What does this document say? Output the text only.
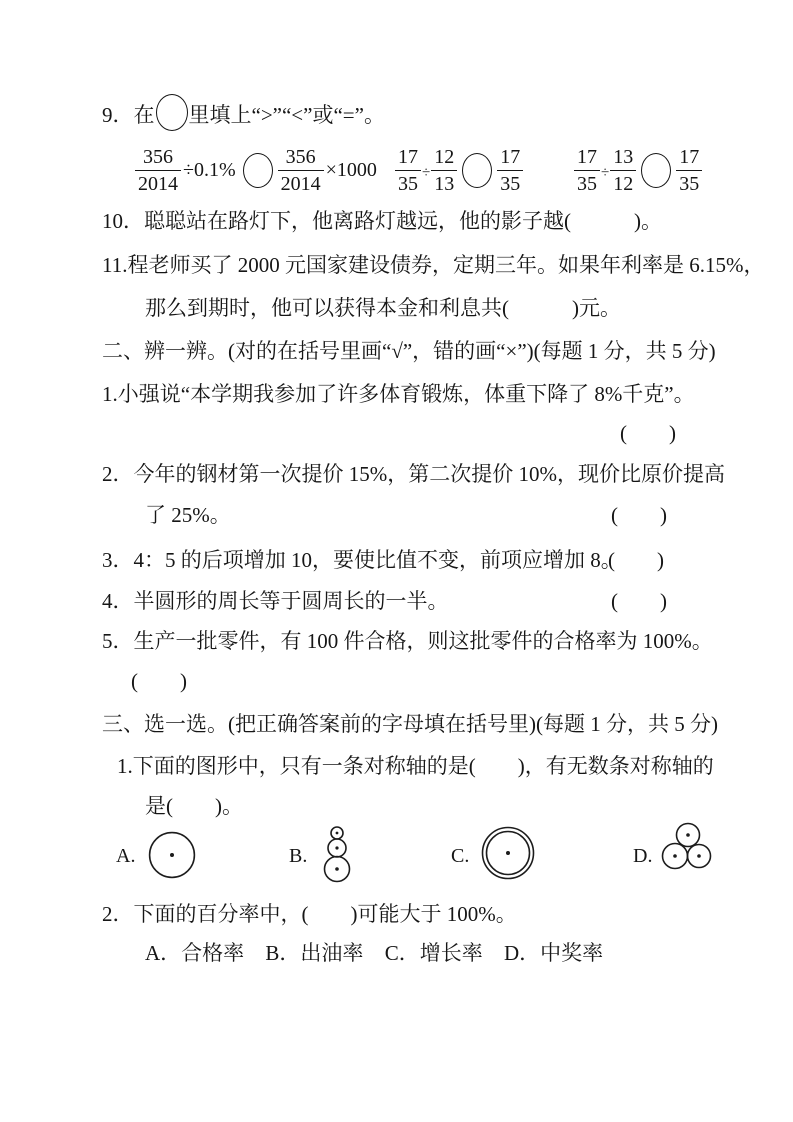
9．在 里填上“>”“<”或“=”。
$\frac{356}{2014} \div 0.1\% \frac{356}{2014} \times 1000 \frac{17}{35} \div \frac{12}{13} \frac{17}{35}$	$\frac{17}{35} \div \frac{13}{12} \frac{17}{35}$
10．聪聪站在路灯下，他离路灯越远，他的影子越(　　　)。
11.程老师买了 2000 元国家建设债券，定期三年。如果年利率是 6.15%，
那么到期时，他可以获得本金和利息共(　　　)元。
二、辨一辨。(对的在括号里画“√”，错的画“×”)(每题 1 分，共 5 分)
1.小强说“本学期我参加了许多体育锻炼，体重下降了 8%千克”。
(　　)
2．今年的钢材第一次提价 15%，第二次提价 10%，现价比原价提高
了 25%。	(　　)
3．4：5 的后项增加 10，要使比值不变，前项应增加 8。
(　　)
4．半圆形的周长等于圆周长的一半。	(　　)
5．生产一批零件，有 100 件合格，则这批零件的合格率为 100%。
(　　)
三、选一选。(把正确答案前的字母填在括号里)(每题 1 分，共 5 分)
1.下面的图形中，只有一条对称轴的是(　　)，有无数条对称轴的
是(　　)。
A.	B.	C.	D.
2．下面的百分率中，(　　)可能大于 100%。
A．合格率 B．出油率 C．增长率 D．中奖率
